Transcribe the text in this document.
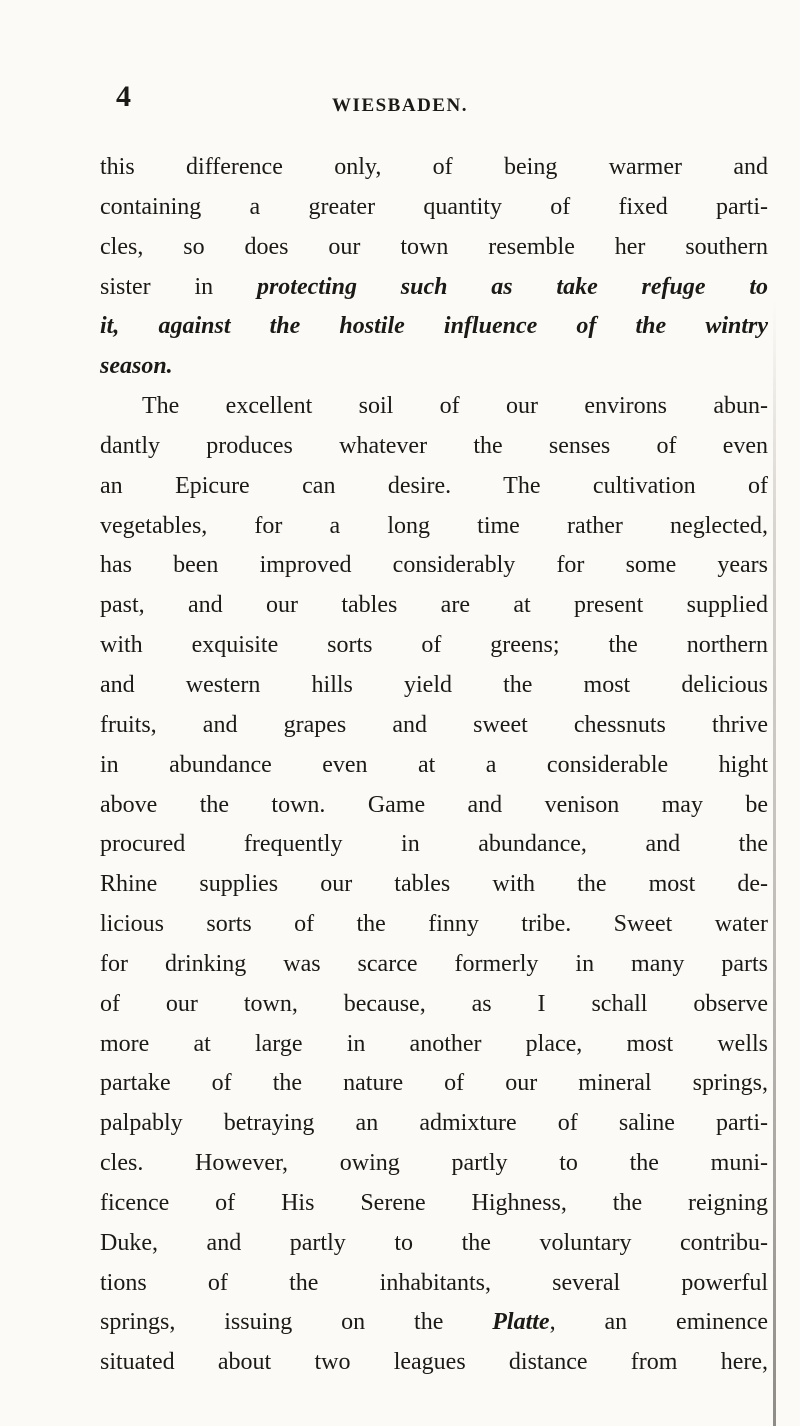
4	WIESBADEN.
this difference only, of being warmer and
containing a greater quantity of fixed parti-
cles, so does our town resemble her southern
sister in protecting such as take refuge to
it, against the hostile influence of the wintry
season.
The excellent soil of our environs abun-
dantly produces whatever the senses of even
an Epicure can desire. The cultivation of
vegetables, for a long time rather neglected,
has been improved considerably for some years
past, and our tables are at present supplied
with exquisite sorts of greens; the northern
and western hills yield the most delicious
fruits, and grapes and sweet chessnuts thrive
in abundance even at a considerable hight
above the town. Game and venison may be
procured frequently in abundance, and the
Rhine supplies our tables with the most de-
licious sorts of the finny tribe. Sweet water
for drinking was scarce formerly in many parts
of our town, because, as I schall observe
more at large in another place, most wells
partake of the nature of our mineral springs,
palpably betraying an admixture of saline parti-
cles. However, owing partly to the muni-
ficence of His Serene Highness, the reigning
Duke, and partly to the voluntary contribu-
tions of the inhabitants, several powerful
springs, issuing on the Platte, an eminence
situated about two leagues distance from here,
